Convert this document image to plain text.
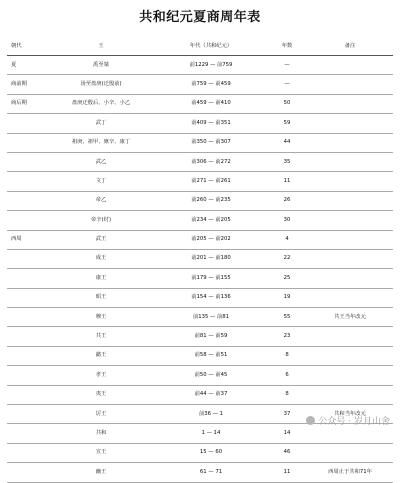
共和纪元夏商周年表
朝代	王	年代（共和纪元）	年数	备注
夏	禹至桀	前1229 — 前759	—	
商前期	汤至盘庚(迁殷前)	前759 — 前459	—	
商后期	盘庚迁殷后、小辛、小乙	前459 — 前410	50	
	武丁	前409 — 前351	59	
	祖庚、祖甲、廪辛、康丁	前350 — 前307	44	
	武乙	前306 — 前272	35	
	文丁	前271 — 前261	11	
	帝乙	前260 — 前235	26	
	帝辛(纣)	前234 — 前205	30	
西周	武王	前205 — 前202	4	
	成王	前201 — 前180	22	
	康王	前179 — 前155	25	
	昭王	前154 — 前136	19	
	穆王	前135 — 前81	55	共王当年改元
	共王	前81 — 前59	23	
	懿王	前58 — 前51	8	
	孝王	前50 — 前45	6	
	夷王	前44 — 前37	8	
	厉王	前36 — 1	37	共和当年改元
	共和	1 — 14	14	
	宣王	15 — 60	46	
	幽王	61 — 71	11	西周止于共和71年
公众号 · 岁月山舍
